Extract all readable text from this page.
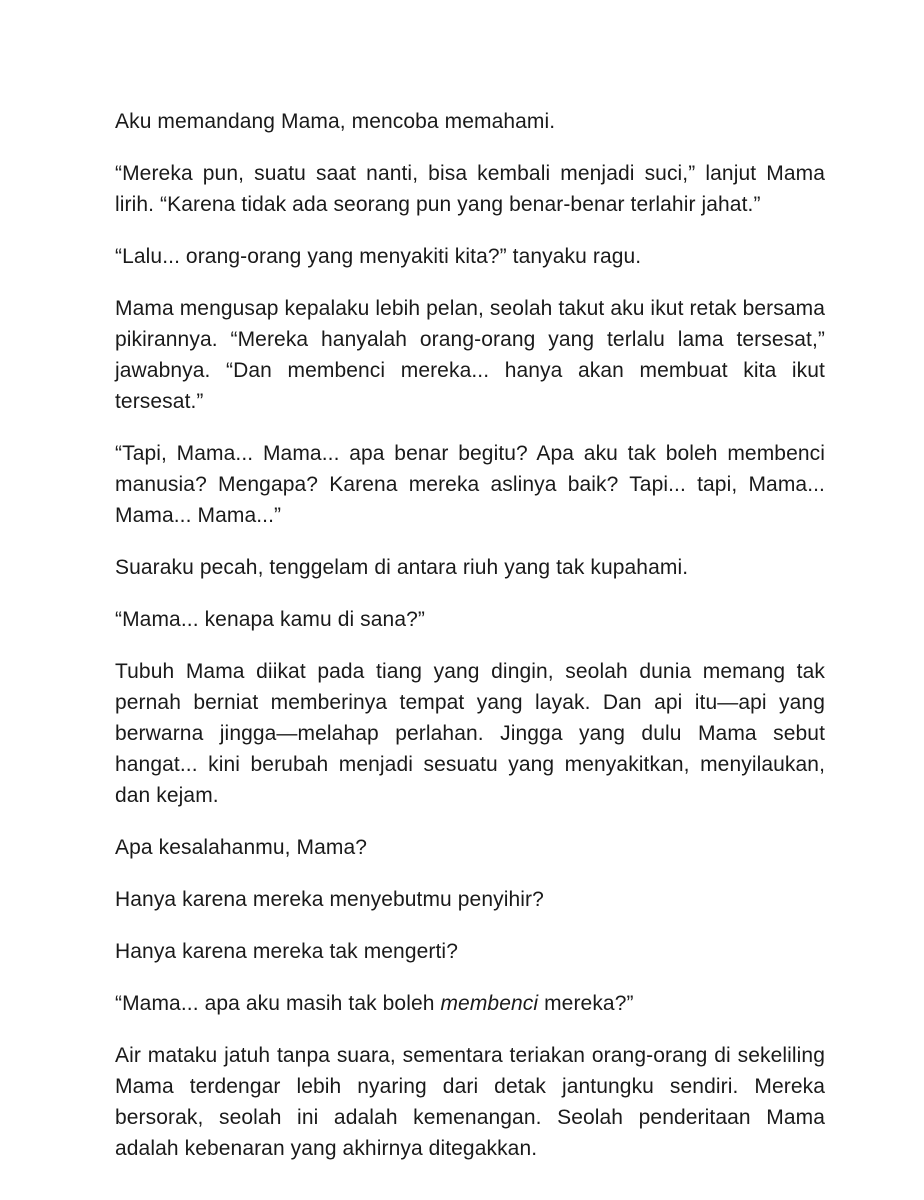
Aku memandang Mama, mencoba memahami.

“Mereka pun, suatu saat nanti, bisa kembali menjadi suci,” lanjut Mama lirih. “Karena tidak ada seorang pun yang benar-benar terlahir jahat.”

“Lalu... orang-orang yang menyakiti kita?” tanyaku ragu.

Mama mengusap kepalaku lebih pelan, seolah takut aku ikut retak bersama pikirannya. “Mereka hanyalah orang-orang yang terlalu lama tersesat,” jawabnya. “Dan membenci mereka... hanya akan membuat kita ikut tersesat.”

“Tapi, Mama... Mama... apa benar begitu? Apa aku tak boleh membenci manusia? Mengapa? Karena mereka aslinya baik? Tapi... tapi, Mama... Mama... Mama...”

Suaraku pecah, tenggelam di antara riuh yang tak kupahami.

“Mama... kenapa kamu di sana?”

Tubuh Mama diikat pada tiang yang dingin, seolah dunia memang tak pernah berniat memberinya tempat yang layak. Dan api itu—api yang berwarna jingga—melahap perlahan. Jingga yang dulu Mama sebut hangat... kini berubah menjadi sesuatu yang menyakitkan, menyilaukan, dan kejam.

Apa kesalahanmu, Mama?

Hanya karena mereka menyebutmu penyihir?

Hanya karena mereka tak mengerti?

“Mama... apa aku masih tak boleh membenci mereka?”

Air mataku jatuh tanpa suara, sementara teriakan orang-orang di sekeliling Mama terdengar lebih nyaring dari detak jantungku sendiri. Mereka bersorak, seolah ini adalah kemenangan. Seolah penderitaan Mama adalah kebenaran yang akhirnya ditegakkan.
